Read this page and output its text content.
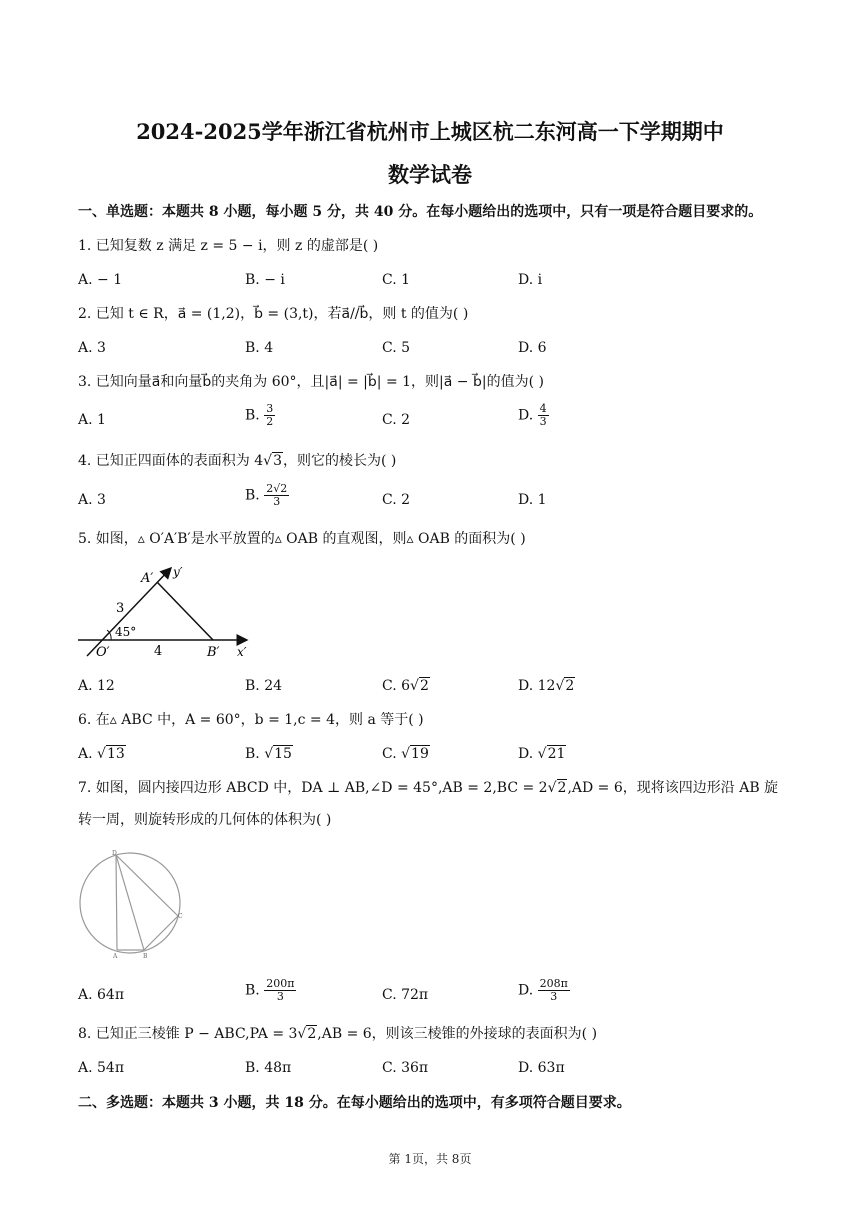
2024-2025学年浙江省杭州市上城区杭二东河高一下学期期中
数学试卷
一、单选题：本题共 8 小题，每小题 5 分，共 40 分。在每小题给出的选项中，只有一项是符合题目要求的。
1. 已知复数 z 满足 z = 5 − i，则 z 的虚部是( )
A. − 1	B. − i	C. 1	D. i
2. 已知 t ∈ R，a⃗ = (1,2)，b⃗ = (3,t)，若a⃗//b⃗，则 t 的值为( )
A. 3	B. 4	C. 5	D. 6
3. 已知向量a⃗和向量b⃗的夹角为 60°，且|a⃗| = |b⃗| = 1，则|a⃗ − b⃗|的值为( )
A. 1	B. $\frac{3}{2}$	C. 2	D. $\frac{4}{3}$
4. 已知正四面体的表面积为 4√3，则它的棱长为( )
A. 3	B. $\frac{2√2}{3}$	C. 2	D. 1
5. 如图，▵ O′A′B′是水平放置的▵ OAB 的直观图，则▵ OAB 的面积为( )
A′ y′
3
45°
O′	4	B′ x′
A. 12	B. 24	C. 6√2	D. 12√2
6. 在▵ ABC 中，A = 60°，b = 1,c = 4，则 a 等于( )
A. √13	B. √15	C. √19	D. √21
7. 如图，圆内接四边形 ABCD 中，DA ⊥ AB,∠D = 45°,AB = 2,BC = 2√2,AD = 6，现将该四边形沿 AB 旋
转一周，则旋转形成的几何体的体积为( )
D
C
A	B
A. 64π	B. $\frac{200\pi}{3}$	C. 72π	D. $\frac{208\pi}{3}$
8. 已知正三棱锥 P − ABC,PA = 3√2,AB = 6，则该三棱锥的外接球的表面积为( )
A. 54π	B. 48π	C. 36π	D. 63π
二、多选题：本题共 3 小题，共 18 分。在每小题给出的选项中，有多项符合题目要求。
第 1页，共 8页
